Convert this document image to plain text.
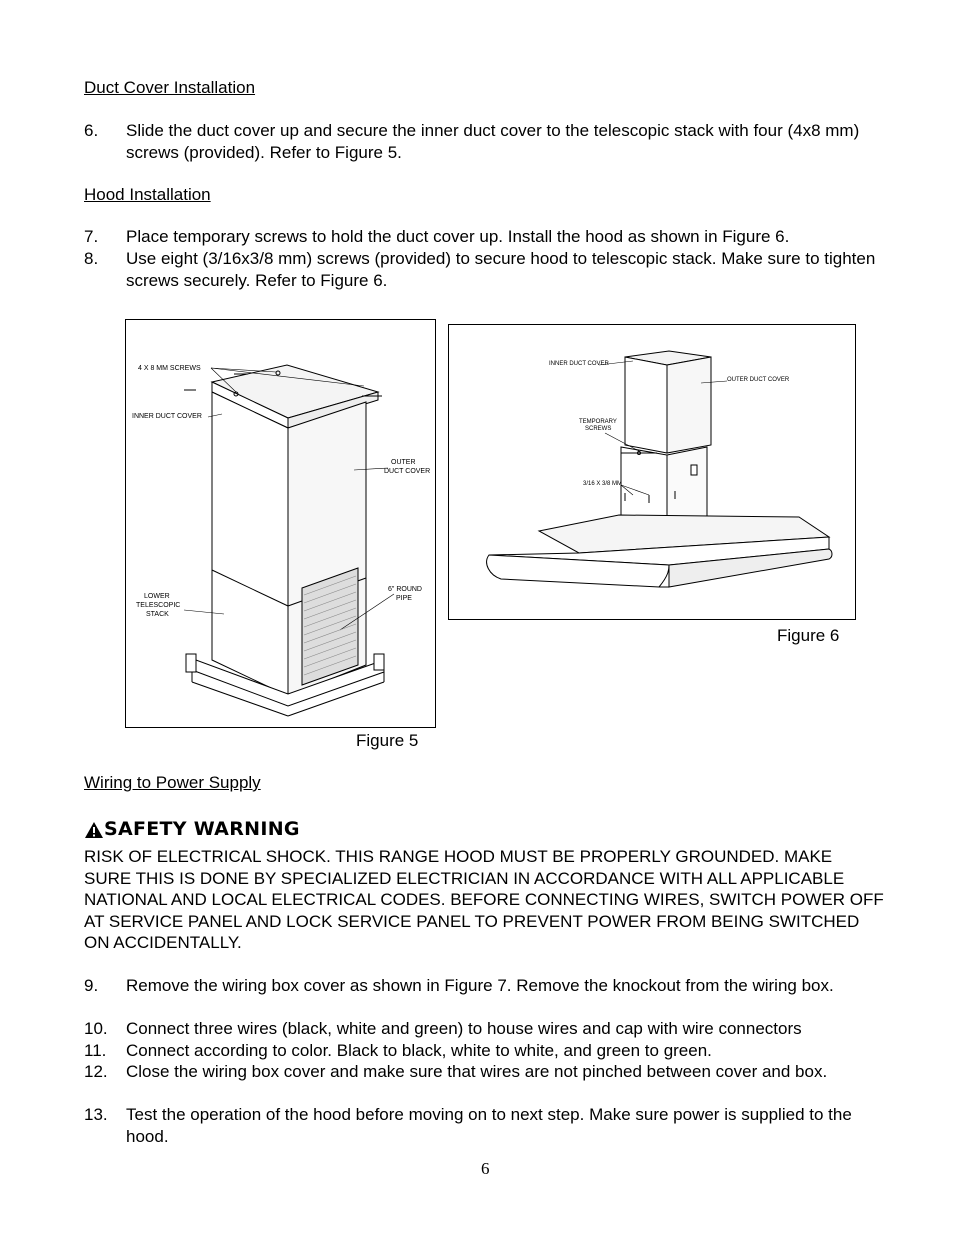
Duct Cover Installation
6. Slide the duct cover up and secure the inner duct cover to the telescopic stack with four (4x8 mm) screws (provided). Refer to Figure 5.
Hood Installation
7. Place temporary screws to hold the duct cover up. Install the hood as shown in Figure 6.
8. Use eight (3/16x3/8 mm) screws (provided) to secure hood to telescopic stack. Make sure to tighten screws securely. Refer to Figure 6.
4 X 8 MM SCREWS
INNER DUCT COVER
OUTER
DUCT COVER
LOWER
TELESCOPIC
STACK
6" ROUND
PIPE
Figure 5
INNER DUCT COVER
OUTER DUCT COVER
TEMPORARY
SCREWS
3/16 X 3/8 MM
Figure 6
Wiring to Power Supply
SAFETY WARNING
RISK OF ELECTRICAL SHOCK. THIS RANGE HOOD MUST BE PROPERLY GROUNDED. MAKE SURE THIS IS DONE BY SPECIALIZED ELECTRICIAN IN ACCORDANCE WITH ALL APPLICABLE NATIONAL AND LOCAL ELECTRICAL CODES. BEFORE CONNECTING WIRES, SWITCH POWER OFF AT SERVICE PANEL AND LOCK SERVICE PANEL TO PREVENT POWER FROM BEING SWITCHED ON ACCIDENTALLY.
9. Remove the wiring box cover as shown in Figure 7. Remove the knockout from the wiring box.
10. Connect three wires (black, white and green) to house wires and cap with wire connectors
11. Connect according to color. Black to black, white to white, and green to green.
12. Close the wiring box cover and make sure that wires are not pinched between cover and box.
13. Test the operation of the hood before moving on to next step. Make sure power is supplied to the hood.
6
